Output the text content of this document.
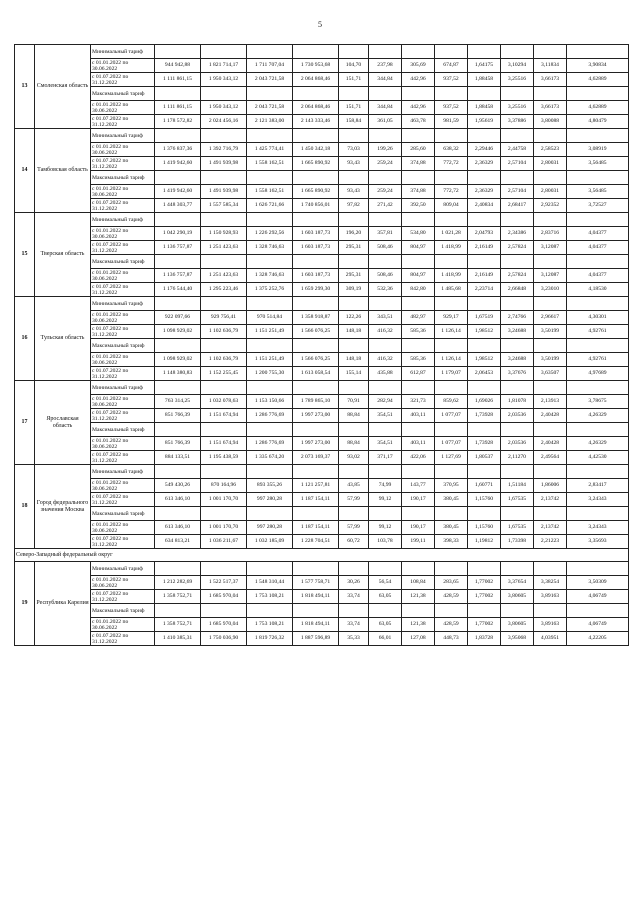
5
13	Смоленская область	Минимальный тариф												
		с 01.01.2022 по 30.06.2022	944 942,88	1 821 714,17	1 711 707,04	1 730 953,68	104,70	237,98	305,69	674,87	1,64175	3,10294	3,11834	3,90834
		с 01.07.2022 по 31.12.2022	1 111 861,15	1 950 343,12	2 043 721,58	2 064 868,46	151,71	344,84	442,96	937,52	1,88458	3,25516	3,66173	4,62889
		Максимальный тариф												
		с 01.01.2022 по 30.06.2022	1 111 861,15	1 950 343,12	2 043 721,58	2 064 868,46	151,71	344,84	442,96	937,52	1,88458	3,25516	3,66173	4,62889
		с 01.07.2022 по 31.12.2022	1 178 572,82	2 024 456,16	2 121 383,00	2 143 333,46	158,84	361,05	463,78	981,59	1,95619	3,37886	3,80088	4,80479
14	Тамбовская область	Минимальный тариф												
		с 01.01.2022 по 30.06.2022	1 376 837,36	1 392 716,79	1 425 774,41	1 450 342,18	73,03	199,26	285,60	638,32	2,29446	2,44758	2,58523	3,08919
		с 01.07.2022 по 31.12.2022	1 419 942,60	1 491 939,98	1 558 162,51	1 665 890,92	93,43	259,24	374,88	772,72	2,36329	2,57104	2,80031	3,56485
		Максимальный тариф												
		с 01.01.2022 по 30.06.2022	1 419 942,60	1 491 939,98	1 558 162,51	1 665 890,92	93,43	259,24	374,88	772,72	2,36329	2,57104	2,80031	3,56485
		с 01.07.2022 по 31.12.2022	1 448 303,77	1 557 585,34	1 626 721,66	1 740 856,01	97,82	271,42	392,50	809,04	2,40834	2,68417	2,92352	3,72527
15	Тверская область	Минимальный тариф												
		с 01.01.2022 по 30.06.2022	1 042 290,19	1 150 928,93	1 226 292,56	1 603 187,73	196,20	357,81	534,80	1 021,28	2,04793	2,34386	2,83716	4,04377
		с 01.07.2022 по 31.12.2022	1 136 757,87	1 251 423,63	1 328 746,63	1 603 187,73	295,31	508,46	804,97	1 418,99	2,16149	2,57824	3,12087	4,04377
		Максимальный тариф												
		с 01.01.2022 по 30.06.2022	1 136 757,87	1 251 423,63	1 328 746,63	1 603 187,73	295,31	508,46	804,97	1 418,99	2,16149	2,57824	3,12087	4,04377
		с 01.07.2022 по 31.12.2022	1 176 544,40	1 295 223,46	1 375 252,76	1 659 299,30	309,19	532,36	842,80	1 485,68	2,23714	2,66848	3,23010	4,18530
16	Тульская область	Минимальный тариф												
		с 01.01.2022 по 30.06.2022	922 097,66	929 756,41	970 514,84	1 358 918,87	122,26	343,51	482,97	929,17	1,67519	2,74766	2,96617	4,30301
		с 01.07.2022 по 31.12.2022	1 098 929,02	1 102 636,79	1 151 251,49	1 566 076,25	148,18	416,32	585,36	1 126,14	1,98512	3,24688	3,50199	4,92761
		Максимальный тариф												
		с 01.01.2022 по 30.06.2022	1 098 929,02	1 102 636,79	1 151 251,49	1 566 076,25	148,18	416,32	585,36	1 126,14	1,98512	3,24688	3,50199	4,92761
		с 01.07.2022 по 31.12.2022	1 148 380,83	1 152 255,45	1 200 755,30	1 613 058,54	155,14	435,88	612,87	1 179,07	2,06453	3,37676	3,63507	4,97689
17	Ярославская область	Минимальный тариф												
		с 01.01.2022 по 30.06.2022	763 314,25	1 032 078,63	1 153 150,66	1 789 865,10	70,91	282,94	321,73	859,62	1,69026	1,81078	2,13913	3,78675
		с 01.07.2022 по 31.12.2022	851 766,39	1 151 674,94	1 286 776,69	1 997 273,00	88,84	354,51	403,11	1 077,07	1,73928	2,03536	2,40428	4,26329
		Максимальный тариф												
		с 01.01.2022 по 30.06.2022	851 766,39	1 151 674,94	1 286 776,69	1 997 273,00	88,84	354,51	403,11	1 077,07	1,73928	2,03536	2,40428	4,26329
		с 01.07.2022 по 31.12.2022	884 133,51	1 195 438,59	1 335 674,20	2 073 169,37	93,02	371,17	422,06	1 127,69	1,80537	2,11270	2,49564	4,42530
18	Город федерального значения Москва	Минимальный тариф												
		с 01.01.2022 по 30.06.2022	549 430,26	870 164,96	893 355,26	1 121 257,81	43,85	74,99	143,77	370,95	1,60771	1,51184	1,86006	2,83417
		с 01.07.2022 по 31.12.2022	613 346,10	1 001 170,70	997 280,28	1 187 154,11	57,99	99,12	190,17	380,45	1,15760	1,67535	2,13742	3,24343
		Максимальный тариф												
		с 01.01.2022 по 30.06.2022	613 346,10	1 001 170,70	997 280,28	1 187 154,11	57,99	99,12	190,17	380,45	1,15760	1,67535	2,13742	3,24343
		с 01.07.2022 по 31.12.2022	634 813,21	1 036 211,67	1 032 185,09	1 228 704,51	60,72	103,78	199,11	398,33	1,19812	1,73398	2,21223	3,35693
Северо-Западный федеральный округ														
19	Республика Карелия	Минимальный тариф												
		с 01.01.2022 по 30.06.2022	1 212 282,69	1 522 517,37	1 548 310,44	1 577 758,71	30,26	56,54	108,84	283,65	1,77002	3,37654	3,38254	3,50309
		с 01.07.2022 по 31.12.2022	1 358 752,71	1 685 970,04	1 753 108,21	1 818 494,11	33,74	63,05	121,38	428,59	1,77002	3,80605	3,89163	4,06749
		Максимальный тариф												
		с 01.01.2022 по 30.06.2022	1 358 752,71	1 685 970,04	1 753 108,21	1 818 494,11	33,74	63,05	121,38	428,59	1,77002	3,80605	3,89163	4,06749
		с 01.07.2022 по 31.12.2022	1 410 385,31	1 750 036,90	1 819 726,32	1 887 596,89	35,33	66,01	127,08	448,73	1,83728	3,95068	4,03951	4,22205
